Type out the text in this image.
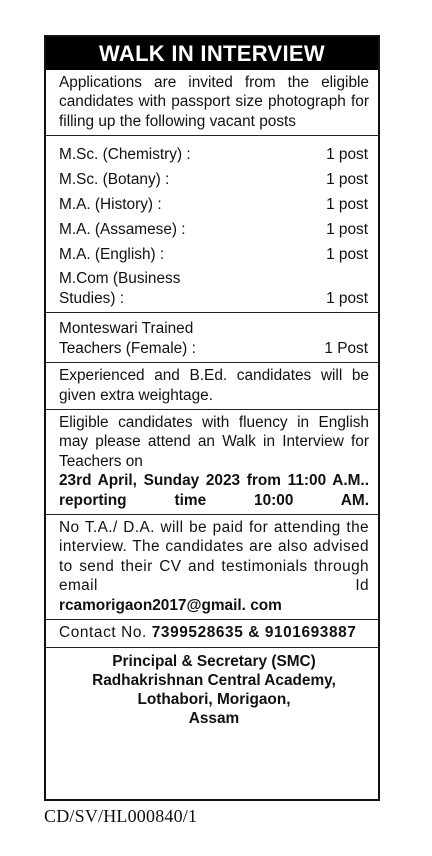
WALK IN INTERVIEW
Applications are invited from the eligible candidates with passport size photograph for filling up the following vacant posts
M.Sc. (Chemistry) :	1 post
M.Sc. (Botany) :	1 post
M.A. (History) :	1 post
M.A. (Assamese) :	1 post
M.A. (English) :	1 post
M.Com (Business
Studies) :	1 post
Monteswari Trained
Teachers (Female) :	1 Post
Experienced and B.Ed. candidates will be given extra weightage.
Eligible candidates with fluency in English may please attend an Walk in Interview for Teachers on
23rd April, Sunday 2023 from 11:00 A.M.. reporting time 10:00 AM.
No T.A./ D.A. will be paid for attending the interview. The candidates are also advised to send their CV and testimonials through email Id
rcamorigaon2017@gmail. com
Contact No. 7399528635 & 9101693887
Principal & Secretary (SMC)
Radhakrishnan Central Academy,
Lothabori, Morigaon,
Assam
CD/SV/HL000840/1
